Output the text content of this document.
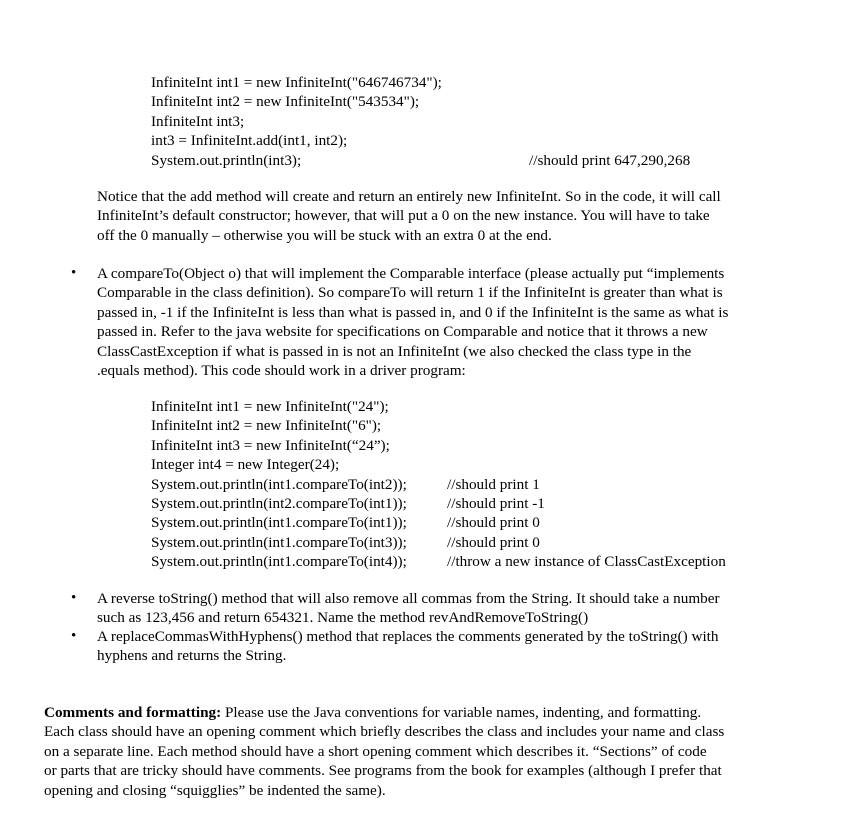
InfiniteInt int1 = new InfiniteInt("646746734");
InfiniteInt int2 = new InfiniteInt("543534");
InfiniteInt int3;
int3 = InfiniteInt.add(int1, int2);
System.out.println(int3);	//should print 647,290,268
Notice that the add method will create and return an entirely new InfiniteInt. So in the code, it will call
InfiniteInt’s default constructor; however, that will put a 0 on the new instance. You will have to take
off the 0 manually – otherwise you will be stuck with an extra 0 at the end.
• A compareTo(Object o) that will implement the Comparable interface (please actually put “implements
Comparable in the class definition). So compareTo will return 1 if the InfiniteInt is greater than what is
passed in, -1 if the InfiniteInt is less than what is passed in, and 0 if the InfiniteInt is the same as what is
passed in. Refer to the java website for specifications on Comparable and notice that it throws a new
ClassCastException if what is passed in is not an InfiniteInt (we also checked the class type in the
.equals method). This code should work in a driver program:
InfiniteInt int1 = new InfiniteInt("24");
InfiniteInt int2 = new InfiniteInt("6");
InfiniteInt int3 = new InfiniteInt(“24”);
Integer int4 = new Integer(24);
System.out.println(int1.compareTo(int2));	//should print 1
System.out.println(int2.compareTo(int1));	//should print -1
System.out.println(int1.compareTo(int1));	//should print 0
System.out.println(int1.compareTo(int3));	//should print 0
System.out.println(int1.compareTo(int4));	//throw a new instance of ClassCastException
• A reverse toString() method that will also remove all commas from the String. It should take a number
such as 123,456 and return 654321. Name the method revAndRemoveToString()
• A replaceCommasWithHyphens() method that replaces the comments generated by the toString() with
hyphens and returns the String.
Comments and formatting: Please use the Java conventions for variable names, indenting, and formatting.
Each class should have an opening comment which briefly describes the class and includes your name and class
on a separate line. Each method should have a short opening comment which describes it. “Sections” of code
or parts that are tricky should have comments. See programs from the book for examples (although I prefer that
opening and closing “squigglies” be indented the same).
